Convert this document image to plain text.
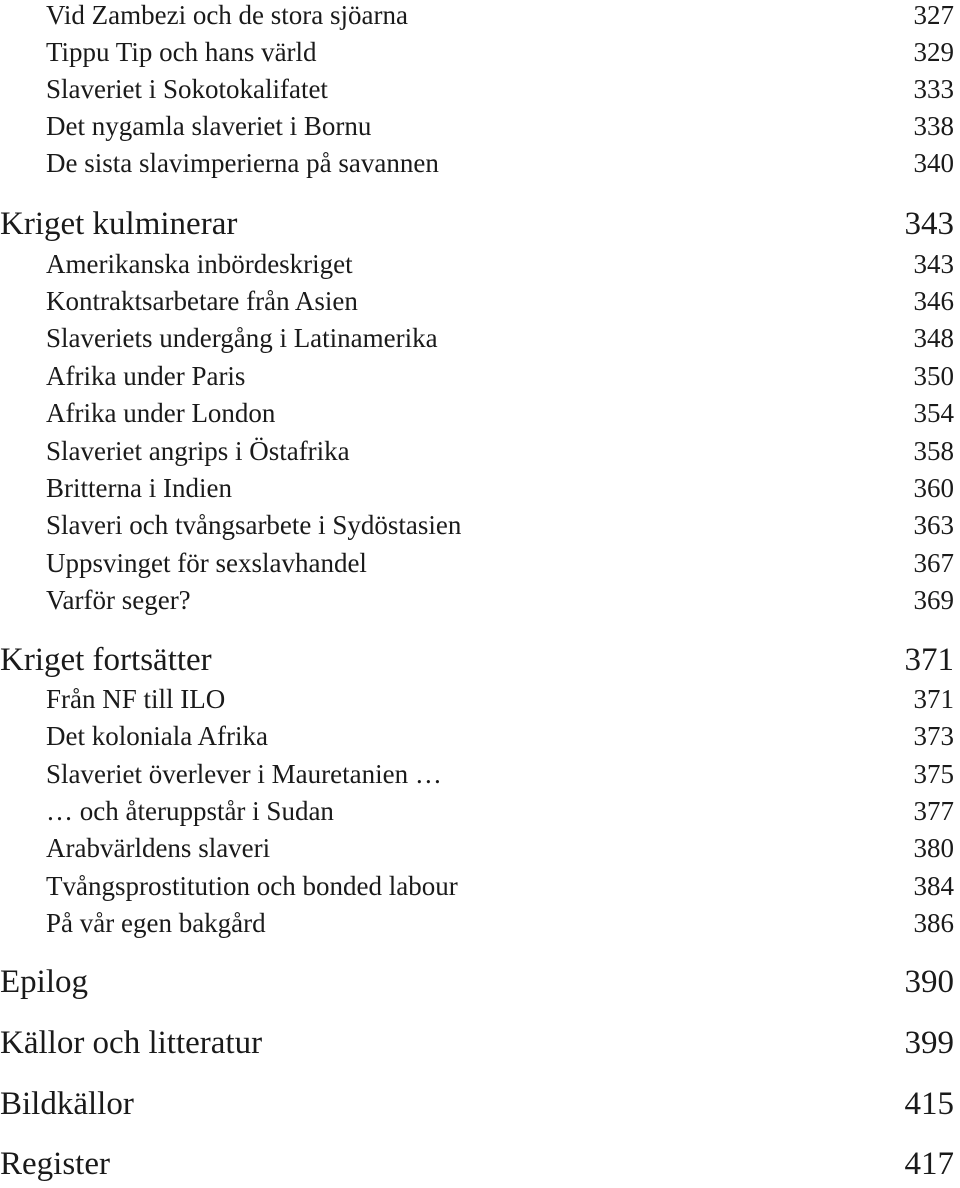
Vid Zambezi och de stora sjöarna	327
Tippu Tip och hans värld	329
Slaveriet i Sokotokalifatet	333
Det nygamla slaveriet i Bornu	338
De sista slavimperierna på savannen	340
Kriget kulminerar	343
Amerikanska inbördeskriget	343
Kontraktsarbetare från Asien	346
Slaveriets undergång i Latinamerika	348
Afrika under Paris	350
Afrika under London	354
Slaveriet angrips i Östafrika	358
Britterna i Indien	360
Slaveri och tvångsarbete i Sydöstasien	363
Uppsvinget för sexslavhandel	367
Varför seger?	369
Kriget fortsätter	371
Från NF till ILO	371
Det koloniala Afrika	373
Slaveriet överlever i Mauretanien …	375
… och återuppstår i Sudan	377
Arabvärldens slaveri	380
Tvångsprostitution och bonded labour	384
På vår egen bakgård	386
Epilog	390
Källor och litteratur	399
Bildkällor	415
Register	417
